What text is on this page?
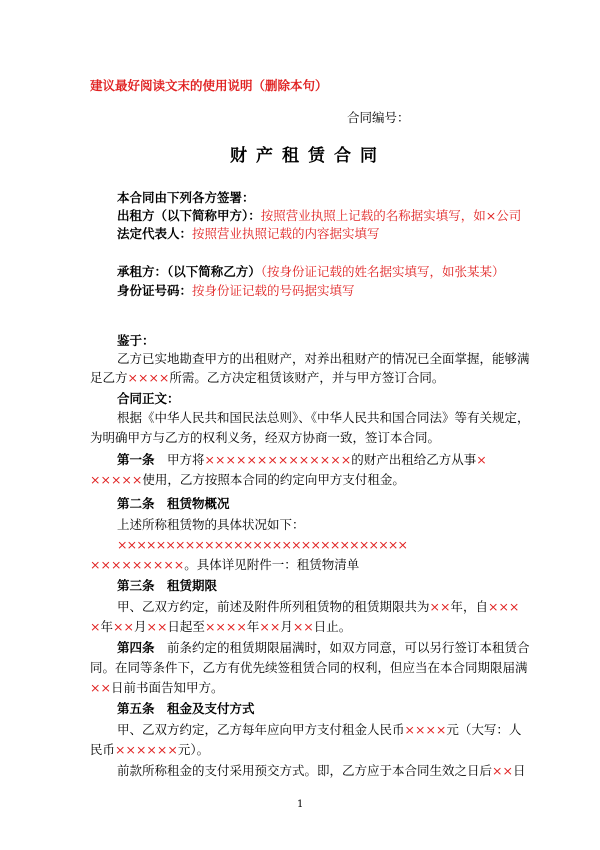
建议最好阅读文末的使用说明（删除本句）
合同编号：
财产租赁合同
本合同由下列各方签署：
出租方（以下简称甲方）：按照营业执照上记载的名称据实填写，如×公司
法定代表人：按照营业执照记载的内容据实填写
承租方：（以下简称乙方）（按身份证记载的姓名据实填写，如张某某）
身份证号码：按身份证记载的号码据实填写
鉴于：
乙方已实地勘查甲方的出租财产，对养出租财产的情况已全面掌握，能够满
足乙方××××所需。乙方决定租赁该财产，并与甲方签订合同。
合同正文：
根据《中华人民共和国民法总则》、《中华人民共和国合同法》等有关规定，
为明确甲方与乙方的权利义务，经双方协商一致，签订本合同。
第一条　 甲方将××××××××××××××的财产出租给乙方从事×
×××××使用，乙方按照本合同的约定向甲方支付租金。
第二条　租赁物概况
上述所称租赁物的具体状况如下：
××××××××××××××××××××××××××××××
×××××××××。具体详见附件一：租赁物清单
第三条　租赁期限
甲、乙双方约定，前述及附件所列租赁物的租赁期限共为××年，自×××
×年××月××日起至××××年××月××日止。
第四条　 前条约定的租赁期限届满时，如双方同意，可以另行签订本租赁合
同。在同等条件下，乙方有优先续签租赁合同的权利，但应当在本合同期限届满
××日前书面告知甲方。
第五条　租金及支付方式
甲、乙双方约定，乙方每年应向甲方支付租金人民币××××元（大写：人
民币××××××元）。
前款所称租金的支付采用预交方式。即，乙方应于本合同生效之日后××日
1
